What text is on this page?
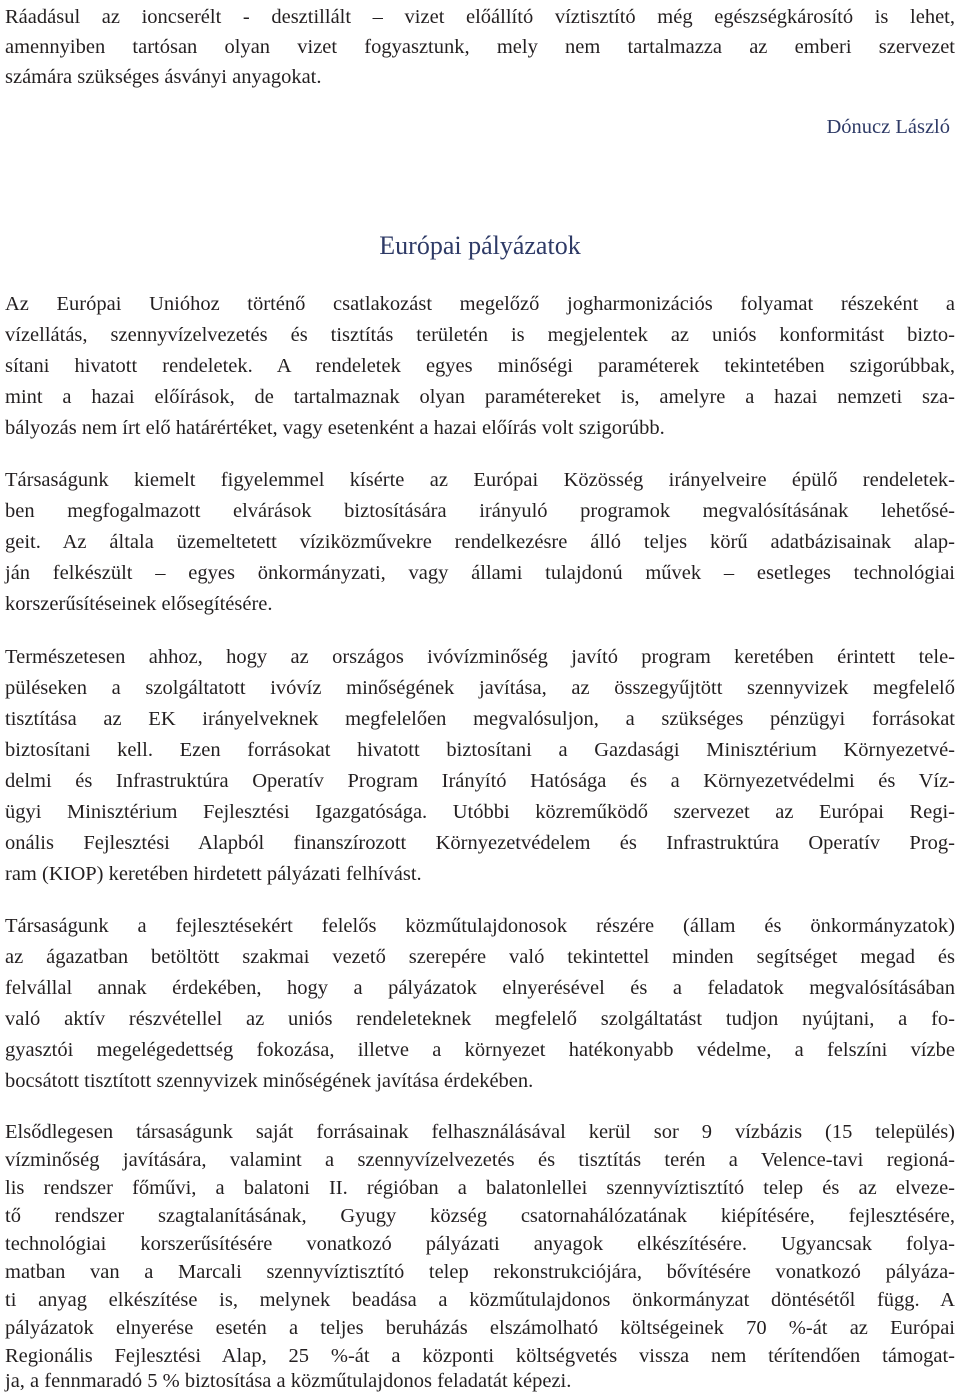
Ráadásul az ioncserélt - desztillált – vizet előállító víztisztító még egészségkárosító is lehet,
amennyiben tartósan olyan vizet fogyasztunk, mely nem tartalmazza az emberi szervezet
számára szükséges ásványi anyagokat.
Dónucz László
Európai pályázatok
Az Európai Unióhoz történő csatlakozást megelőző jogharmonizációs folyamat részeként a
vízellátás, szennyvízelvezetés és tisztítás területén is megjelentek az uniós konformitást bizto-
sítani hivatott rendeletek. A rendeletek egyes minőségi paraméterek tekintetében szigorúbbak,
mint a hazai előírások, de tartalmaznak olyan paramétereket is, amelyre a hazai nemzeti sza-
bályozás nem írt elő határértéket, vagy esetenként a hazai előírás volt szigorúbb.
Társaságunk kiemelt figyelemmel kísérte az Európai Közösség irányelveire épülő rendeletek-
ben megfogalmazott elvárások biztosítására irányuló programok megvalósításának lehetősé-
geit. Az általa üzemeltetett víziközművekre rendelkezésre álló teljes körű adatbázisainak alap-
ján felkészült – egyes önkormányzati, vagy állami tulajdonú művek – esetleges technológiai
korszerűsítéseinek elősegítésére.
Természetesen ahhoz, hogy az országos ivóvízminőség javító program keretében érintett tele-
püléseken a szolgáltatott ivóvíz minőségének javítása, az összegyűjtött szennyvizek megfelelő
tisztítása az EK irányelveknek megfelelően megvalósuljon, a szükséges pénzügyi forrásokat
biztosítani kell. Ezen forrásokat hivatott biztosítani a Gazdasági Minisztérium Környezetvé-
delmi és Infrastruktúra Operatív Program Irányító Hatósága és a Környezetvédelmi és Víz-
ügyi Minisztérium Fejlesztési Igazgatósága. Utóbbi közreműködő szervezet az Európai Regi-
onális Fejlesztési Alapból finanszírozott Környezetvédelem és Infrastruktúra Operatív Prog-
ram (KIOP) keretében hirdetett pályázati felhívást.
Társaságunk a fejlesztésekért felelős közműtulajdonosok részére (állam és önkormányzatok)
az ágazatban betöltött szakmai vezető szerepére való tekintettel minden segítséget megad és
felvállal annak érdekében, hogy a pályázatok elnyerésével és a feladatok megvalósításában
való aktív részvétellel az uniós rendeleteknek megfelelő szolgáltatást tudjon nyújtani, a fo-
gyasztói megelégedettség fokozása, illetve a környezet hatékonyabb védelme, a felszíni vízbe
bocsátott tisztított szennyvizek minőségének javítása érdekében.
Elsődlegesen társaságunk saját forrásainak felhasználásával kerül sor 9 vízbázis (15 település)
vízminőség javítására, valamint a szennyvízelvezetés és tisztítás terén a Velence-tavi regioná-
lis rendszer főművi, a balatoni II. régióban a balatonlellei szennyvíztisztító telep és az elveze-
tő rendszer szagtalanításának, Gyugy község csatornahálózatának kiépítésére, fejlesztésére,
technológiai korszerűsítésére vonatkozó pályázati anyagok elkészítésére. Ugyancsak folya-
matban van a Marcali szennyvíztisztító telep rekonstrukciójára, bővítésére vonatkozó pályáza-
ti anyag elkészítése is, melynek beadása a közműtulajdonos önkormányzat döntésétől függ. A
pályázatok elnyerése esetén a teljes beruházás elszámolható költségeinek 70 %-át az Európai
Regionális Fejlesztési Alap, 25 %-át a központi költségvetés vissza nem térítendően támogat-
ja, a fennmaradó 5 % biztosítása a közműtulajdonos feladatát képezi.
